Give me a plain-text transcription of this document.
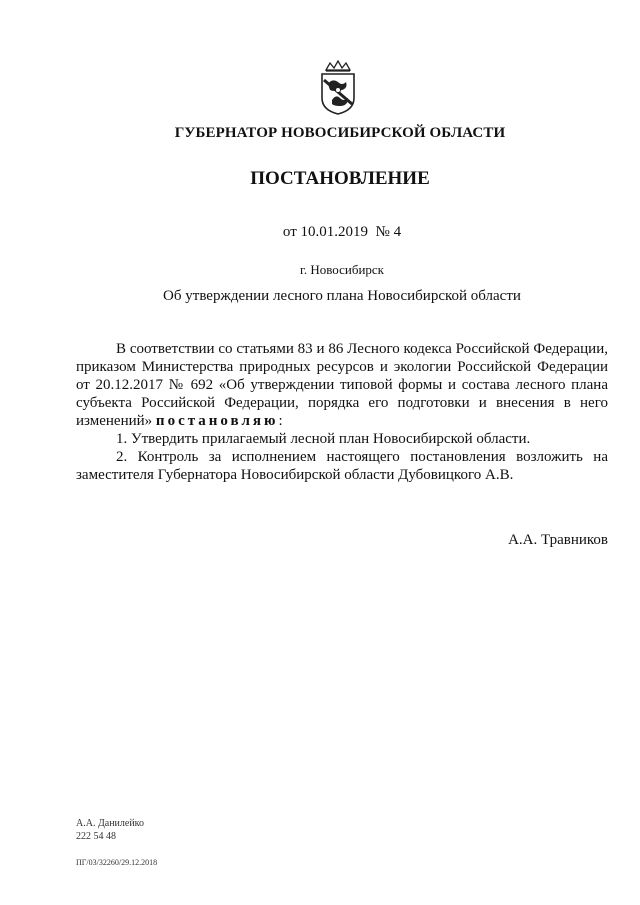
ГУБЕРНАТОР НОВОСИБИРСКОЙ ОБЛАСТИ
ПОСТАНОВЛЕНИЕ
от 10.01.2019 № 4
г. Новосибирск
Об утверждении лесного плана Новосибирской области

В соответствии со статьями 83 и 86 Лесного кодекса Российской Федерации, приказом Министерства природных ресурсов и экологии Российской Федерации от 20.12.2017 № 692 «Об утверждении типовой формы и состава лесного плана субъекта Российской Федерации, порядка его подготовки и внесения в него изменений» постановляю:

1. Утвердить прилагаемый лесной план Новосибирской области.

2. Контроль за исполнением настоящего постановления возложить на заместителя Губернатора Новосибирской области Дубовицкого А.В.

А.А. Травников
А.А. Данилейко
222 54 48
ПГ/03/32260/29.12.2018
